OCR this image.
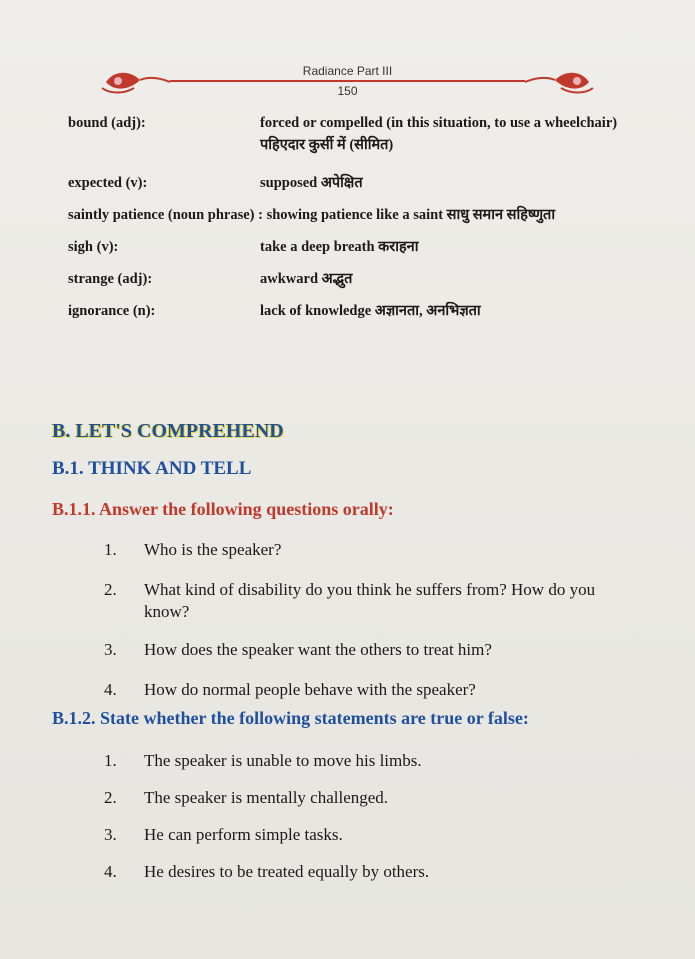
Radiance Part III
150
bound (adj):	forced or compelled (in this situation, to use a wheelchair) पहिएदार कुर्सी में (सीमित)
expected (v):	supposed अपेक्षित
saintly patience (noun phrase) : showing patience like a saint साधु समान सहिष्णुता
sigh (v):	take a deep breath कराहना
strange (adj):	awkward अद्भुत
ignorance (n):	lack of knowledge अज्ञानता, अनभिज्ञता
B. LET'S COMPREHEND
B.1. THINK AND TELL
B.1.1. Answer the following questions orally:
1.	Who is the speaker?
2.	What kind of disability do you think he suffers from? How do you know?
3.	How does the speaker want the others to treat him?
4.	How do normal people behave with the speaker?
B.1.2. State whether the following statements are true or false:
1.	The speaker is unable to move his limbs.
2.	The speaker is mentally challenged.
3.	He can perform simple tasks.
4.	He desires to be treated equally by others.
